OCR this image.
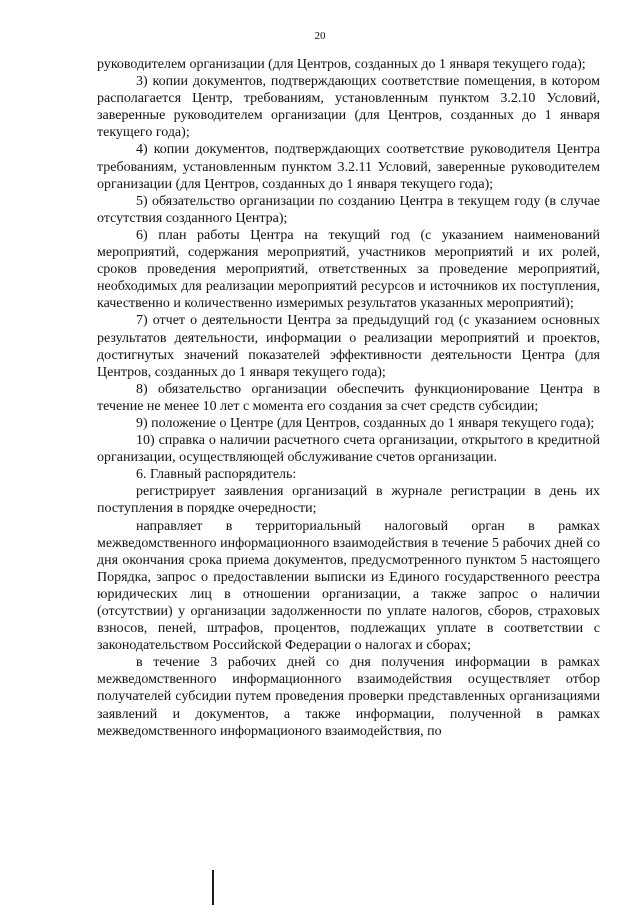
20

руководителем организации (для Центров, созданных до 1 января текущего года);

3) копии документов, подтверждающих соответствие помещения, в котором располагается Центр, требованиям, установленным пунктом 3.2.10 Условий, заверенные руководителем организации (для Центров, созданных до 1 января текущего года);

4) копии документов, подтверждающих соответствие руководителя Центра требованиям, установленным пунктом 3.2.11 Условий, заверенные руководителем организации (для Центров, созданных до 1 января текущего года);

5) обязательство организации по созданию Центра в текущем году (в случае отсутствия созданного Центра);

6) план работы Центра на текущий год (с указанием наименований мероприятий, содержания мероприятий, участников мероприятий и их ролей, сроков проведения мероприятий, ответственных за проведение мероприятий, необходимых для реализации мероприятий ресурсов и источников их поступления, качественно и количественно измеримых результатов указанных мероприятий);

7) отчет о деятельности Центра за предыдущий год (с указанием основных результатов деятельности, информации о реализации мероприятий и проектов, достигнутых значений показателей эффективности деятельности Центра (для Центров, созданных до 1 января текущего года);

8) обязательство организации обеспечить функционирование Центра в течение не менее 10 лет с момента его создания за счет средств субсидии;

9) положение о Центре (для Центров, созданных до 1 января текущего года);

10) справка о наличии расчетного счета организации, открытого в кредитной организации, осуществляющей обслуживание счетов организации.

6. Главный распорядитель:

регистрирует заявления организаций в журнале регистрации в день их поступления в порядке очередности;

направляет в территориальный налоговый орган в рамках межведомственного информационного взаимодействия в течение 5 рабочих дней со дня окончания срока приема документов, предусмотренного пунктом 5 настоящего Порядка, запрос о предоставлении выписки из Единого государственного реестра юридических лиц в отношении организации, а также запрос о наличии (отсутствии) у организации задолженности по уплате налогов, сборов, страховых взносов, пеней, штрафов, процентов, подлежащих уплате в соответствии с законодательством Российской Федерации о налогах и сборах;

в течение 3 рабочих дней со дня получения информации в рамках межведомственного информационного взаимодействия осуществляет отбор получателей субсидии путем проведения проверки представленных организациями заявлений и документов, а также информации, полученной в рамках межведомственного информационого взаимодействия, по
